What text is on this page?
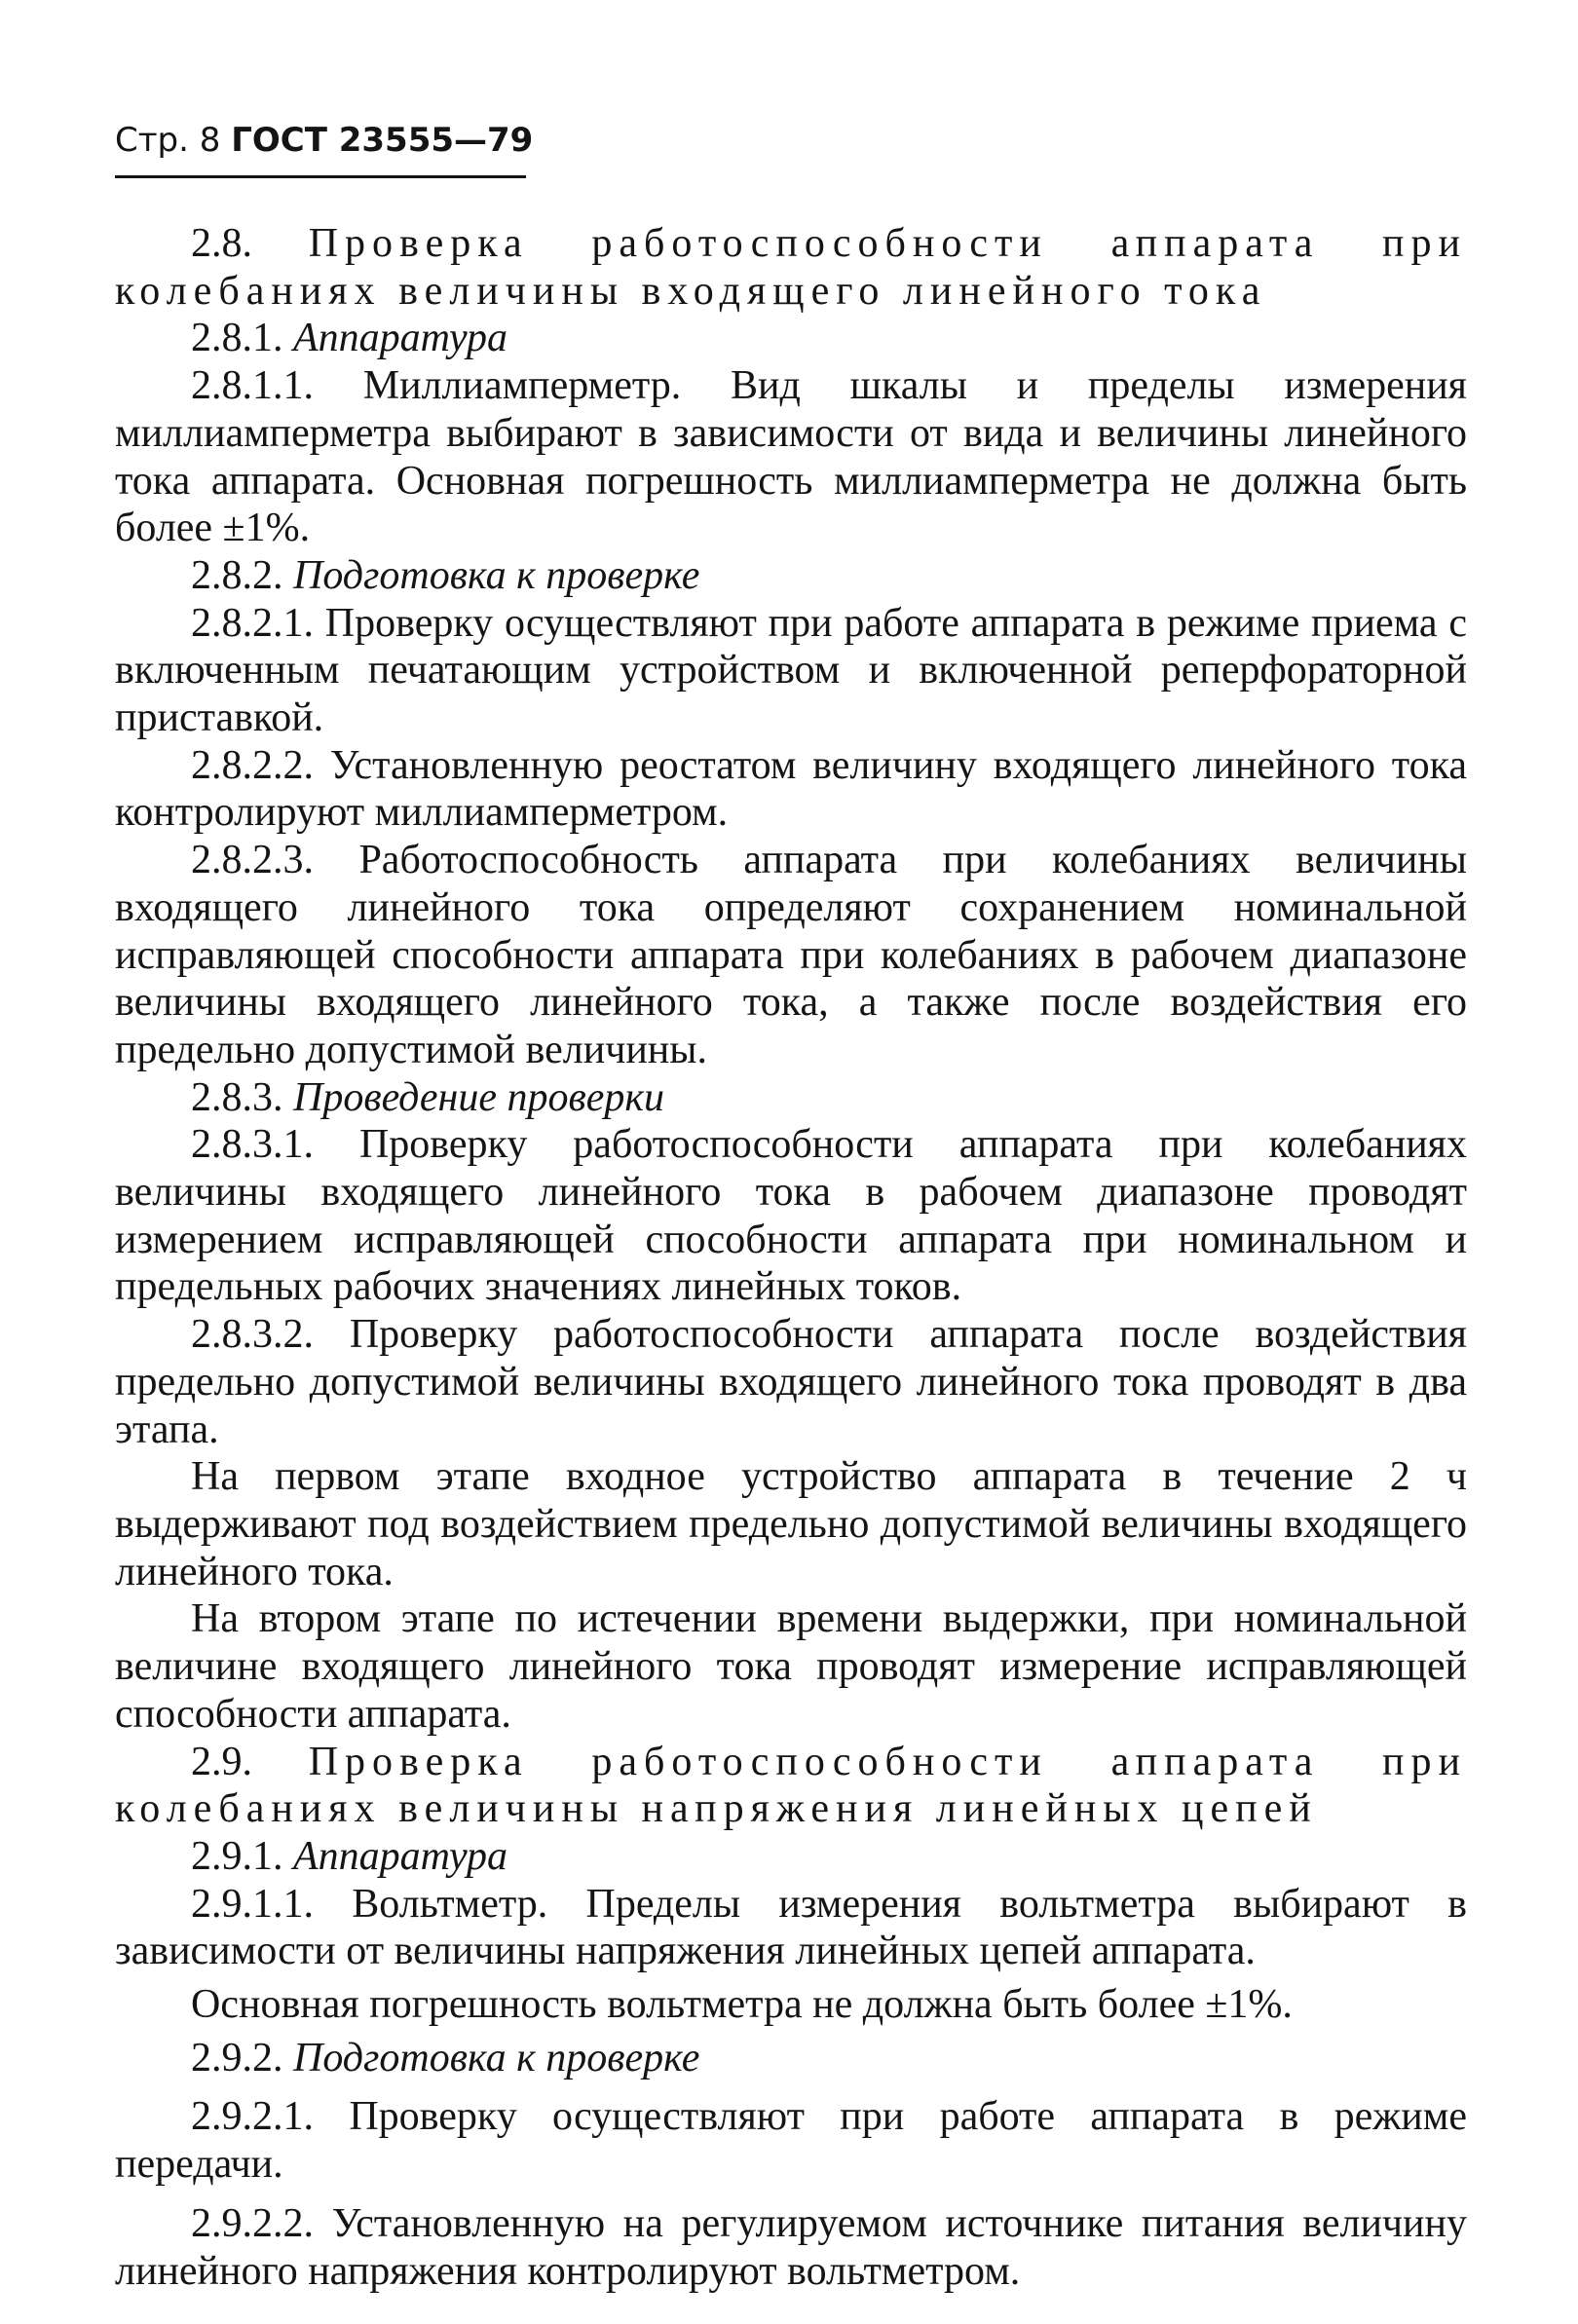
Стр. 8 ГОСТ 23555—79

2.8. Проверка работоспособности аппарата при колебаниях величины входящего линейного тока

2.8.1. Аппаратура

2.8.1.1. Миллиамперметр. Вид шкалы и пределы измерения миллиамперметра выбирают в зависимости от вида и величины линейного тока аппарата. Основная погрешность миллиамперметра не должна быть более ±1%.

2.8.2. Подготовка к проверке

2.8.2.1. Проверку осуществляют при работе аппарата в режиме приема с включенным печатающим устройством и включенной реперфораторной приставкой.

2.8.2.2. Установленную реостатом величину входящего линейного тока контролируют миллиамперметром.

2.8.2.3. Работоспособность аппарата при колебаниях величины входящего линейного тока определяют сохранением номинальной исправляющей способности аппарата при колебаниях в рабочем диапазоне величины входящего линейного тока, а также после воздействия его предельно допустимой величины.

2.8.3. Проведение проверки

2.8.3.1. Проверку работоспособности аппарата при колебаниях величины входящего линейного тока в рабочем диапазоне проводят измерением исправляющей способности аппарата при номинальном и предельных рабочих значениях линейных токов.

2.8.3.2. Проверку работоспособности аппарата после воздействия предельно допустимой величины входящего линейного тока проводят в два этапа.

На первом этапе входное устройство аппарата в течение 2 ч выдерживают под воздействием предельно допустимой величины входящего линейного тока.

На втором этапе по истечении времени выдержки, при номинальной величине входящего линейного тока проводят измерение исправляющей способности аппарата.

2.9. Проверка работоспособности аппарата при колебаниях величины напряжения линейных цепей

2.9.1. Аппаратура

2.9.1.1. Вольтметр. Пределы измерения вольтметра выбирают в зависимости от величины напряжения линейных цепей аппарата.

Основная погрешность вольтметра не должна быть более ±1%.

2.9.2. Подготовка к проверке

2.9.2.1. Проверку осуществляют при работе аппарата в режиме передачи.

2.9.2.2. Установленную на регулируемом источнике питания величину линейного напряжения контролируют вольтметром.
